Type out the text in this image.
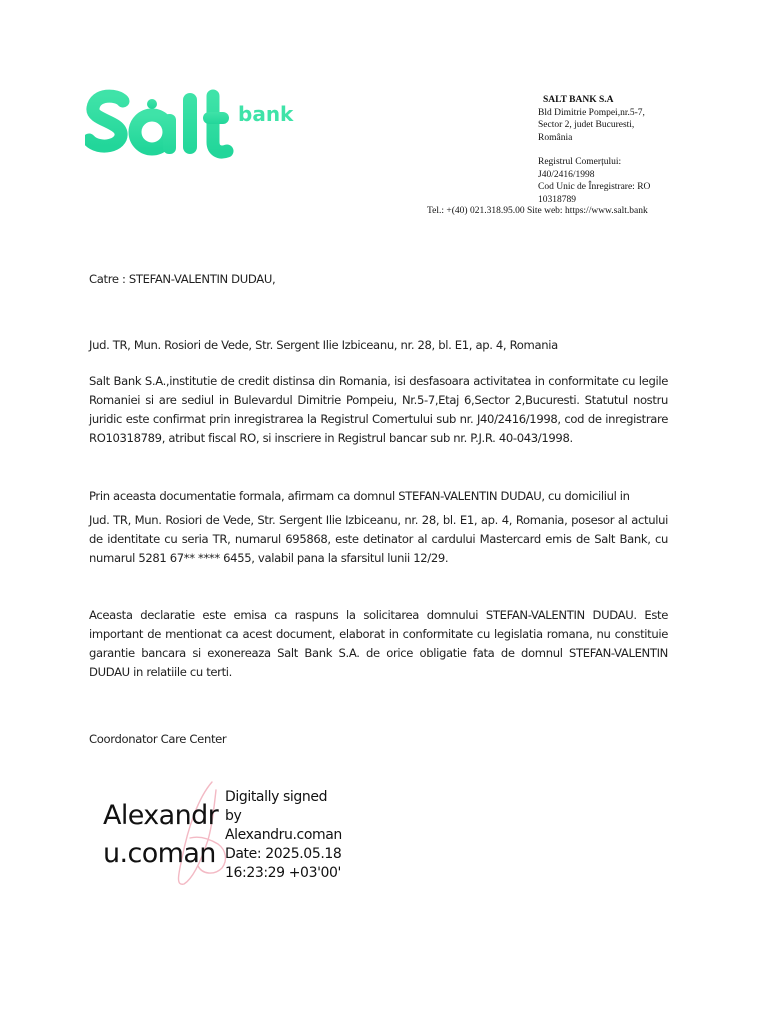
bank
SALT BANK S.A
Bld Dimitrie Pompei,nr.5-7,
Sector 2, judet Bucuresti,
România
Registrul Comerțului:
J40/2416/1998
Cod Unic de Înregistrare: RO
10318789
Tel.: +(40) 021.318.95.00 Site web: https://www.salt.bank
Catre : STEFAN-VALENTIN DUDAU,
Jud. TR, Mun. Rosiori de Vede, Str. Sergent Ilie Izbiceanu, nr. 28, bl. E1, ap. 4, Romania
Salt Bank S.A.,institutie de credit distinsa din Romania, isi desfasoara activitatea in conformitate cu legile Romaniei si are sediul in Bulevardul Dimitrie Pompeiu, Nr.5-7,Etaj 6,Sector 2,Bucuresti. Statutul nostru juridic este confirmat prin inregistrarea la Registrul Comertului sub nr. J40/2416/1998, cod de inregistrare RO10318789, atribut fiscal RO, si inscriere in Registrul bancar sub nr. P.J.R. 40-043/1998.
Prin aceasta documentatie formala, afirmam ca domnul STEFAN-VALENTIN DUDAU, cu domiciliul in
Jud. TR, Mun. Rosiori de Vede, Str. Sergent Ilie Izbiceanu, nr. 28, bl. E1, ap. 4, Romania, posesor al actului de identitate cu seria TR, numarul 695868, este detinator al cardului Mastercard emis de Salt Bank, cu numarul 5281 67** **** 6455, valabil pana la sfarsitul lunii 12/29.
Aceasta declaratie este emisa ca raspuns la solicitarea domnului STEFAN-VALENTIN DUDAU. Este important de mentionat ca acest document, elaborat in conformitate cu legislatia romana, nu constituie garantie bancara si exonereaza Salt Bank S.A. de orice obligatie fata de domnul STEFAN-VALENTIN DUDAU in relatiile cu terti.
Coordonator Care Center
Alexandr
u.coman
Digitally signed
by
Alexandru.coman
Date: 2025.05.18
16:23:29 +03'00'
